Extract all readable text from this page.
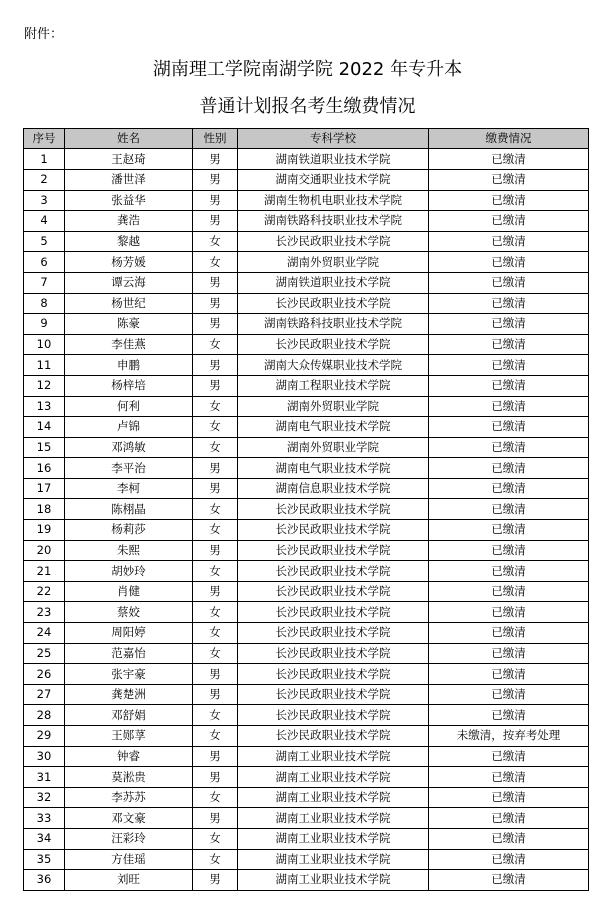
附件：
湖南理工学院南湖学院 2022 年专升本
普通计划报名考生缴费情况
序号	姓名	性别	专科学校	缴费情况
1	王赵琦	男	湖南铁道职业技术学院	已缴清
2	潘世泽	男	湖南交通职业技术学院	已缴清
3	张益华	男	湖南生物机电职业技术学院	已缴清
4	龚浩	男	湖南铁路科技职业技术学院	已缴清
5	黎越	女	长沙民政职业技术学院	已缴清
6	杨芳媛	女	湖南外贸职业学院	已缴清
7	谭云海	男	湖南铁道职业技术学院	已缴清
8	杨世纪	男	长沙民政职业技术学院	已缴清
9	陈豪	男	湖南铁路科技职业技术学院	已缴清
10	李佳燕	女	长沙民政职业技术学院	已缴清
11	申鹏	男	湖南大众传媒职业技术学院	已缴清
12	杨梓培	男	湖南工程职业技术学院	已缴清
13	何利	女	湖南外贸职业学院	已缴清
14	卢锦	女	湖南电气职业技术学院	已缴清
15	邓鸿敏	女	湖南外贸职业学院	已缴清
16	李平治	男	湖南电气职业技术学院	已缴清
17	李柯	男	湖南信息职业技术学院	已缴清
18	陈栩晶	女	长沙民政职业技术学院	已缴清
19	杨莉莎	女	长沙民政职业技术学院	已缴清
20	朱熙	男	长沙民政职业技术学院	已缴清
21	胡妙玲	女	长沙民政职业技术学院	已缴清
22	肖健	男	长沙民政职业技术学院	已缴清
23	蔡姣	女	长沙民政职业技术学院	已缴清
24	周阳婷	女	长沙民政职业技术学院	已缴清
25	范嘉怡	女	长沙民政职业技术学院	已缴清
26	张宇豪	男	长沙民政职业技术学院	已缴清
27	龚楚洲	男	长沙民政职业技术学院	已缴清
28	邓舒娟	女	长沙民政职业技术学院	已缴清
29	王郧莩	女	长沙民政职业技术学院	未缴清，按弃考处理
30	钟睿	男	湖南工业职业技术学院	已缴清
31	莫淞贵	男	湖南工业职业技术学院	已缴清
32	李苏苏	女	湖南工业职业技术学院	已缴清
33	邓文豪	男	湖南工业职业技术学院	已缴清
34	汪彩玲	女	湖南工业职业技术学院	已缴清
35	方佳瑶	女	湖南工业职业技术学院	已缴清
36	刘旺	男	湖南工业职业技术学院	已缴清
